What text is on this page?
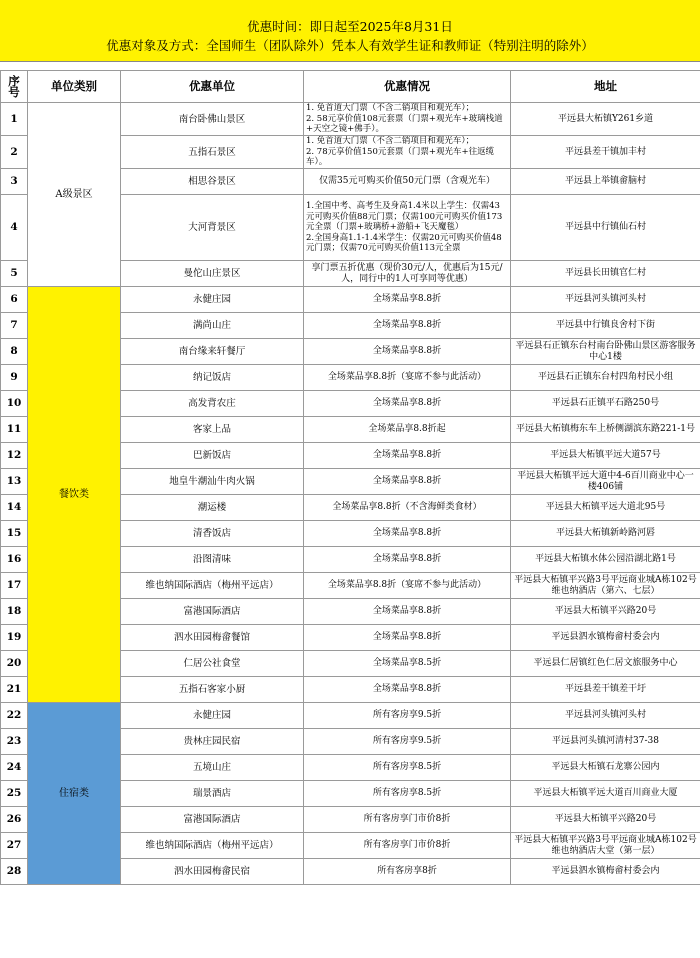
优惠时间：即日起至2025年8月31日
优惠对象及方式：全国师生（团队除外）凭本人有效学生证和教师证（特别注明的除外）
序号	单位类别	优惠单位	优惠情况	地址
1	A级景区	南台卧佛山景区	1. 免首道大门票（不含二销项目和观光车）；
2. 58元享价值108元套票（门票+观光车+玻璃栈道+天空之镜+佛手）。	平远县大柘镇Y261乡道
2		五指石景区	1. 免首道大门票（不含二销项目和观光车）；
2. 78元享价值150元套票（门票+观光车+往返缆车）。	平远县差干镇加丰村
3		相思谷景区	仅需35元可购买价值50元门票（含观光车）	平远县上举镇畲脑村
4		大河背景区	1.全国中考、高考生及身高1.4米以上学生：仅需43元可购买价值88元门票；仅需100元可购买价值173元全票（门票+玻璃桥+游船+飞天魔毯）
2.全国身高1.1-1.4米学生：仅需20元可购买价值48元门票；仅需70元可购买价值113元全票	平远县中行镇仙石村
5		曼佗山庄景区	享门票五折优惠（现价30元/人，优惠后为15元/人，同行中的1人可享同等优惠）	平远县长田镇官仁村
6	餐饮类	永健庄园	全场菜品享8.8折	平远县河头镇河头村
7		满尚山庄	全场菜品享8.8折	平远县中行镇良舍村下街
8		南台缘来轩餐厅	全场菜品享8.8折	平远县石正镇东台村南台卧佛山景区游客服务中心1楼
9		纳记饭店	全场菜品享8.8折（宴席不参与此活动）	平远县石正镇东台村四角村民小组
10		高发背农庄	全场菜品享8.8折	平远县石正镇平石路250号
11		客家上品	全场菜品享8.8折起	平远县大柘镇梅东车上桥侧湖滨东路221-1号
12		巴新饭店	全场菜品享8.8折	平远县大柘镇平远大道57号
13		地皇牛潮汕牛肉火锅	全场菜品享8.8折	平远县大柘镇平远大道中4-6百川商业中心一楼406铺
14		潮运楼	全场菜品享8.8折（不含海鲜类食材）	平远县大柘镇平远大道北95号
15		清香饭店	全场菜品享8.8折	平远县大柘镇新岭路河唇
16		沿图清味	全场菜品享8.8折	平远县大柘镇水体公园沿湖北路1号
17		维也纳国际酒店（梅州平远店）	全场菜品享8.8折（宴席不参与此活动）	平远县大柘镇平兴路3号平远商业城A栋102号维也纳酒店（第六、七层）
18		富港国际酒店	全场菜品享8.8折	平远县大柘镇平兴路20号
19		泗水田园梅畲餐馆	全场菜品享8.8折	平远县泗水镇梅畲村委会内
20		仁居公社食堂	全场菜品享8.5折	平远县仁居镇红色仁居文旅服务中心
21		五指石客家小厨	全场菜品享8.8折	平远县差干镇差干圩
22	住宿类	永健庄园	所有客房享9.5折	平远县河头镇河头村
23		贵林庄园民宿	所有客房享9.5折	平远县河头镇河清村37-38
24		五境山庄	所有客房享8.5折	平远县大柘镇石龙寨公园内
25		瑞景酒店	所有客房享8.5折	平远县大柘镇平远大道百川商业大厦
26		富港国际酒店	所有客房享门市价8折	平远县大柘镇平兴路20号
27		维也纳国际酒店（梅州平远店）	所有客房享门市价8折	平远县大柘镇平兴路3号平远商业城A栋102号维也纳酒店大堂（第一层）
28		泗水田园梅畲民宿	所有客房享8折	平远县泗水镇梅畲村委会内
